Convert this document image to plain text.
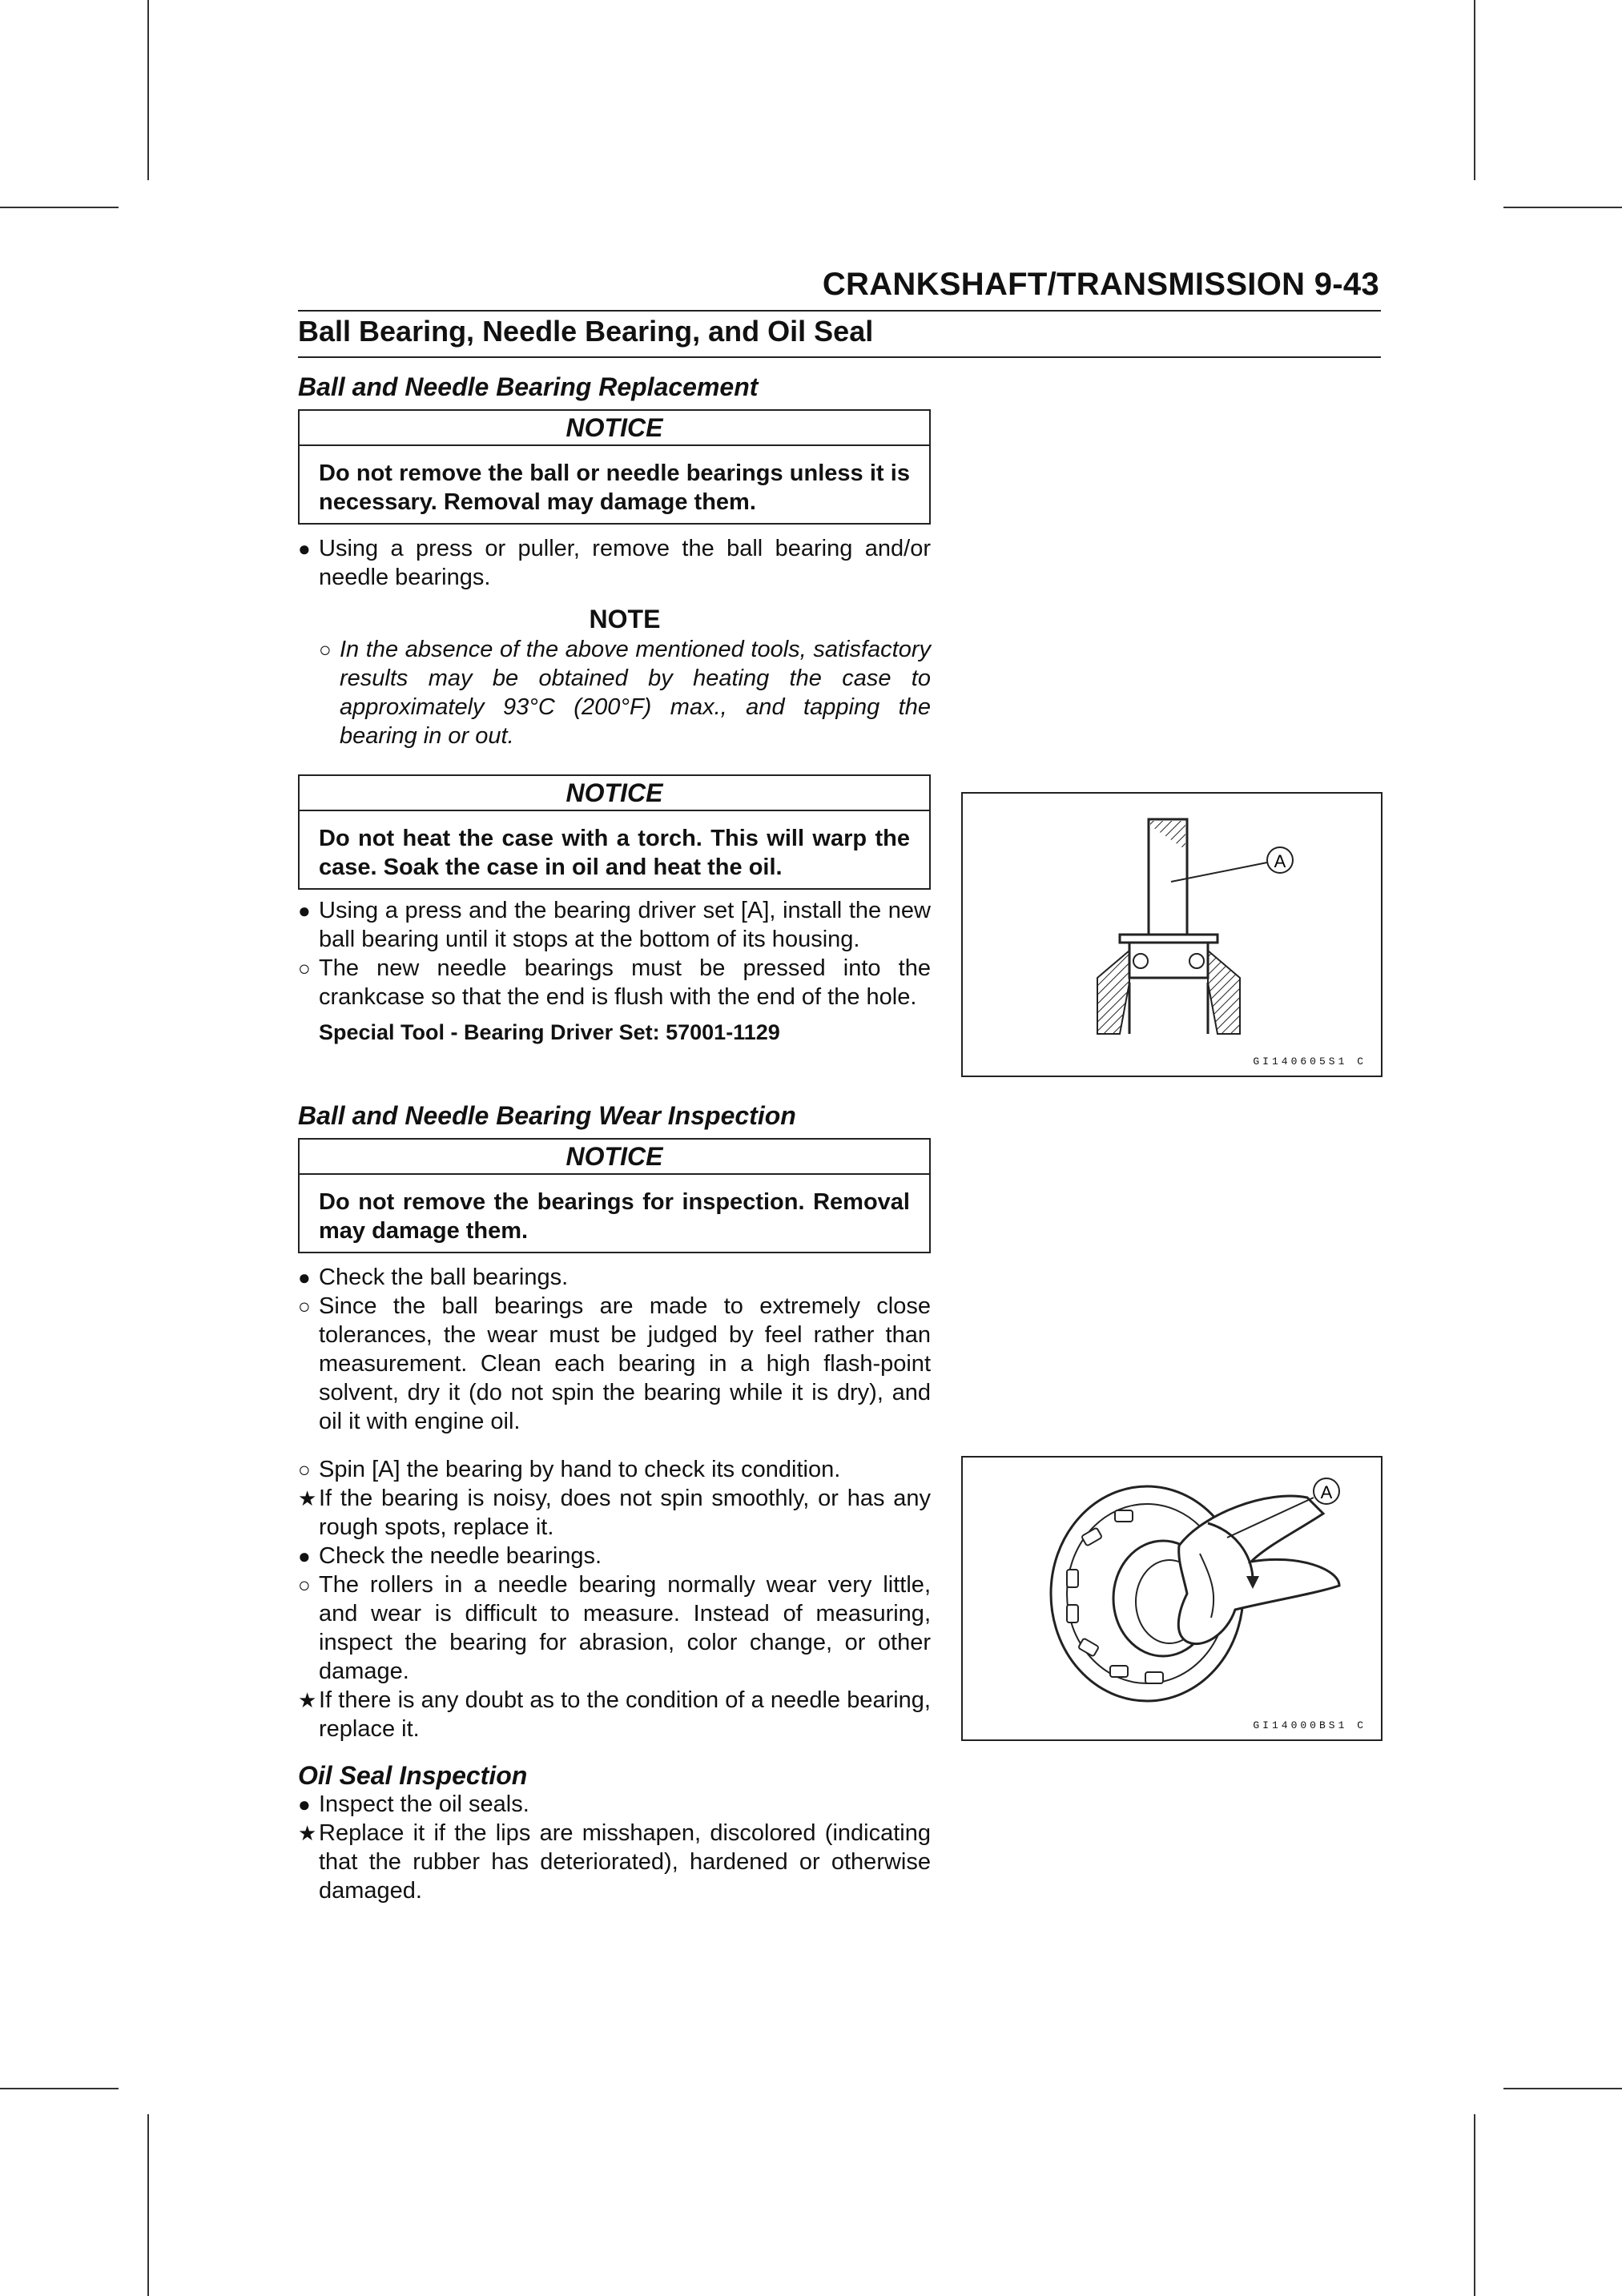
CRANKSHAFT/TRANSMISSION 9-43
Ball Bearing, Needle Bearing, and Oil Seal

Ball and Needle Bearing Replacement

NOTICE
Do not remove the ball or needle bearings unless it is necessary. Removal may damage them.
● Using a press or puller, remove the ball bearing and/or needle bearings.
NOTE
○ In the absence of the above mentioned tools, satisfactory results may be obtained by heating the case to approximately 93°C (200°F) max., and tapping the bearing in or out.
NOTICE
Do not heat the case with a torch. This will warp the case. Soak the case in oil and heat the oil.
● Using a press and the bearing driver set [A], install the new ball bearing until it stops at the bottom of its housing.
○ The new needle bearings must be pressed into the crankcase so that the end is flush with the end of the hole.
Special Tool - Bearing Driver Set: 57001-1129

Ball and Needle Bearing Wear Inspection

NOTICE
Do not remove the bearings for inspection. Removal may damage them.
● Check the ball bearings.
○ Since the ball bearings are made to extremely close tolerances, the wear must be judged by feel rather than measurement. Clean each bearing in a high flash-point solvent, dry it (do not spin the bearing while it is dry), and oil it with engine oil.
○ Spin [A] the bearing by hand to check its condition.
★ If the bearing is noisy, does not spin smoothly, or has any rough spots, replace it.
● Check the needle bearings.
○ The rollers in a needle bearing normally wear very little, and wear is difficult to measure. Instead of measuring, inspect the bearing for abrasion, color change, or other damage.
★ If there is any doubt as to the condition of a needle bearing, replace it.

Oil Seal Inspection

● Inspect the oil seals.
★ Replace it if the lips are misshapen, discolored (indicating that the rubber has deteriorated), hardened or otherwise damaged.
A
GI140605S1 C
A
GI14000BS1 C
